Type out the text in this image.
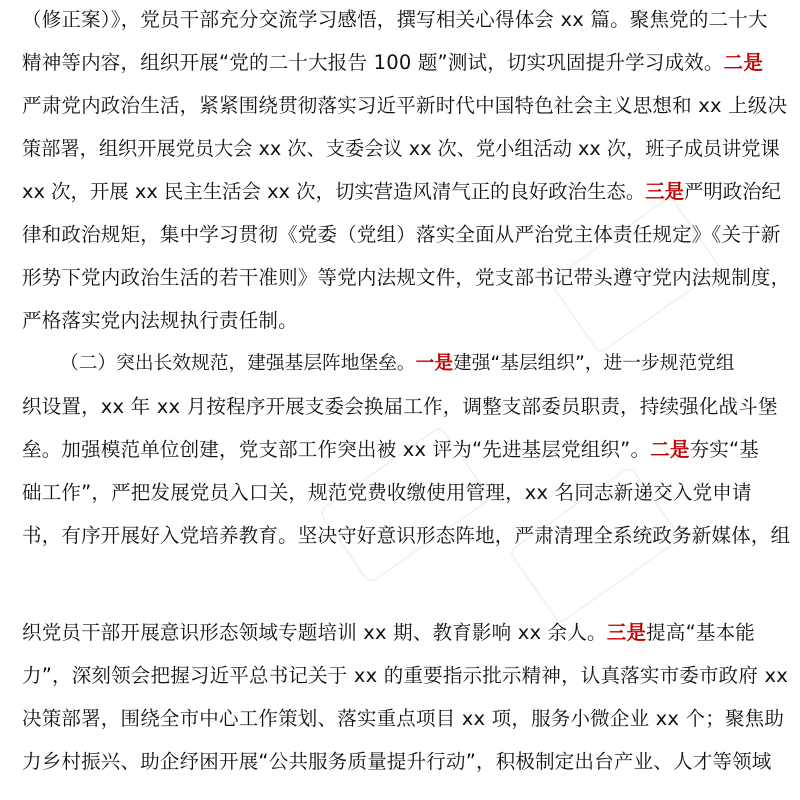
（修正案）》，党员干部充分交流学习感悟，撰写相关心得体会 xx 篇。聚焦党的二十大
精神等内容，组织开展“党的二十大报告 100 题”测试，切实巩固提升学习成效。二是
严肃党内政治生活，紧紧围绕贯彻落实习近平新时代中国特色社会主义思想和 xx 上级决
策部署，组织开展党员大会 xx 次、支委会议 xx 次、党小组活动 xx 次，班子成员讲党课
xx 次，开展 xx 民主生活会 xx 次，切实营造风清气正的良好政治生态。三是严明政治纪
律和政治规矩，集中学习贯彻《党委（党组）落实全面从严治党主体责任规定》《关于新
形势下党内政治生活的若干准则》等党内法规文件，党支部书记带头遵守党内法规制度，
严格落实党内法规执行责任制。
（二）突出长效规范，建强基层阵地堡垒。一是建强“基层组织”，进一步规范党组
织设置，xx 年 xx 月按程序开展支委会换届工作，调整支部委员职责，持续强化战斗堡
垒。加强模范单位创建，党支部工作突出被 xx 评为“先进基层党组织”。二是夯实“基
础工作”，严把发展党员入口关，规范党费收缴使用管理，xx 名同志新递交入党申请
书，有序开展好入党培养教育。坚决守好意识形态阵地，严肃清理全系统政务新媒体，组
织党员干部开展意识形态领域专题培训 xx 期、教育影响 xx 余人。三是提高“基本能
力”，深刻领会把握习近平总书记关于 xx 的重要指示批示精神，认真落实市委市政府 xx
决策部署，围绕全市中心工作策划、落实重点项目 xx 项，服务小微企业 xx 个；聚焦助
力乡村振兴、助企纾困开展“公共服务质量提升行动”，积极制定出台产业、人才等领域
